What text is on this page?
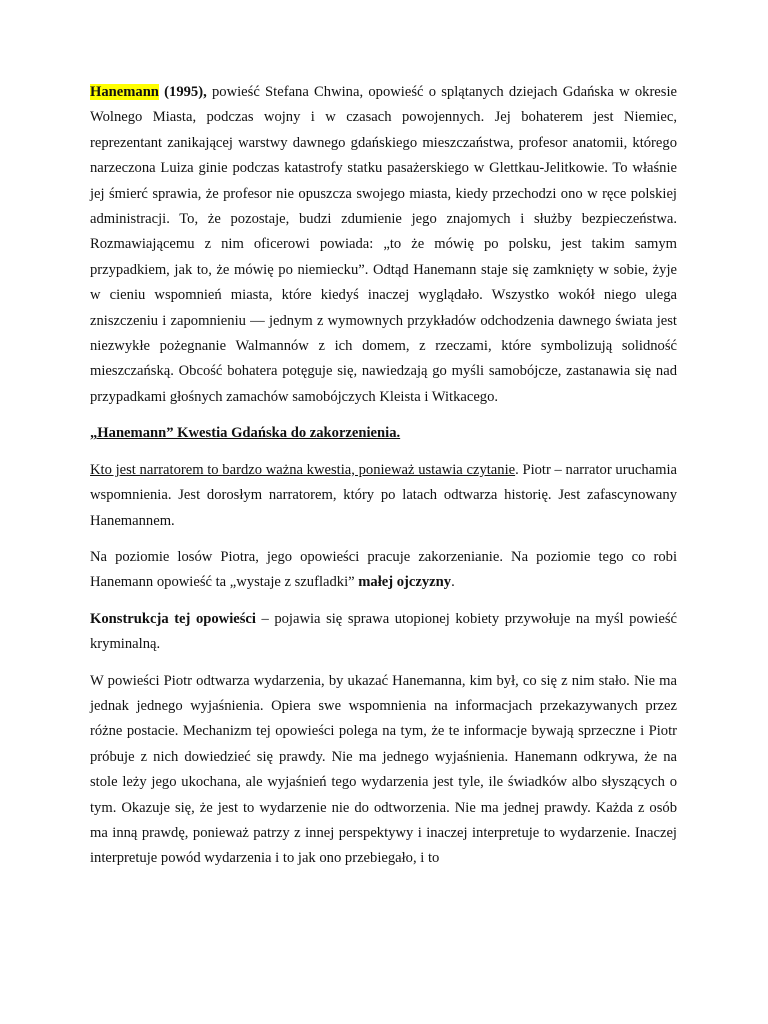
Hanemann (1995), powieść Stefana Chwina, opowieść o splątanych dziejach Gdańska w okresie Wolnego Miasta, podczas wojny i w czasach powojennych. Jej bohaterem jest Niemiec, reprezentant zanikającej warstwy dawnego gdańskiego mieszczaństwa, profesor anatomii, którego narzeczona Luiza ginie podczas katastrofy statku pasażerskiego w Glettkau-Jelitkowie. To właśnie jej śmierć sprawia, że profesor nie opuszcza swojego miasta, kiedy przechodzi ono w ręce polskiej administracji. To, że pozostaje, budzi zdumienie jego znajomych i służby bezpieczeństwa. Rozmawiającemu z nim oficerowi powiada: „to że mówię po polsku, jest takim samym przypadkiem, jak to, że mówię po niemiecku”. Odtąd Hanemann staje się zamknięty w sobie, żyje w cieniu wspomnień miasta, które kiedyś inaczej wyglądało. Wszystko wokół niego ulega zniszczeniu i zapomnieniu — jednym z wymownych przykładów odchodzenia dawnego świata jest niezwykłe pożegnanie Walmannów z ich domem, z rzeczami, które symbolizują solidność mieszczańską. Obcość bohatera potęguje się, nawiedzają go myśli samobójcze, zastanawia się nad przypadkami głośnych zamachów samobójczych Kleista i Witkacego.

„Hanemann” Kwestia Gdańska do zakorzenienia.

Kto jest narratorem to bardzo ważna kwestia, ponieważ ustawia czytanie. Piotr – narrator uruchamia wspomnienia. Jest dorosłym narratorem, który po latach odtwarza historię. Jest zafascynowany Hanemannem.

Na poziomie losów Piotra, jego opowieści pracuje zakorzenianie. Na poziomie tego co robi Hanemann opowieść ta „wystaje z szufladki” małej ojczyzny.

Konstrukcja tej opowieści – pojawia się sprawa utopionej kobiety przywołuje na myśl powieść kryminalną.

W powieści Piotr odtwarza wydarzenia, by ukazać Hanemanna, kim był, co się z nim stało. Nie ma jednak jednego wyjaśnienia. Opiera swe wspomnienia na informacjach przekazywanych przez różne postacie. Mechanizm tej opowieści polega na tym, że te informacje bywają sprzeczne i Piotr próbuje z nich dowiedzieć się prawdy. Nie ma jednego wyjaśnienia. Hanemann odkrywa, że na stole leży jego ukochana, ale wyjaśnień tego wydarzenia jest tyle, ile świadków albo słyszących o tym. Okazuje się, że jest to wydarzenie nie do odtworzenia. Nie ma jednej prawdy. Każda z osób ma inną prawdę, ponieważ patrzy z innej perspektywy i inaczej interpretuje to wydarzenie. Inaczej interpretuje powód wydarzenia i to jak ono przebiegało, i to
